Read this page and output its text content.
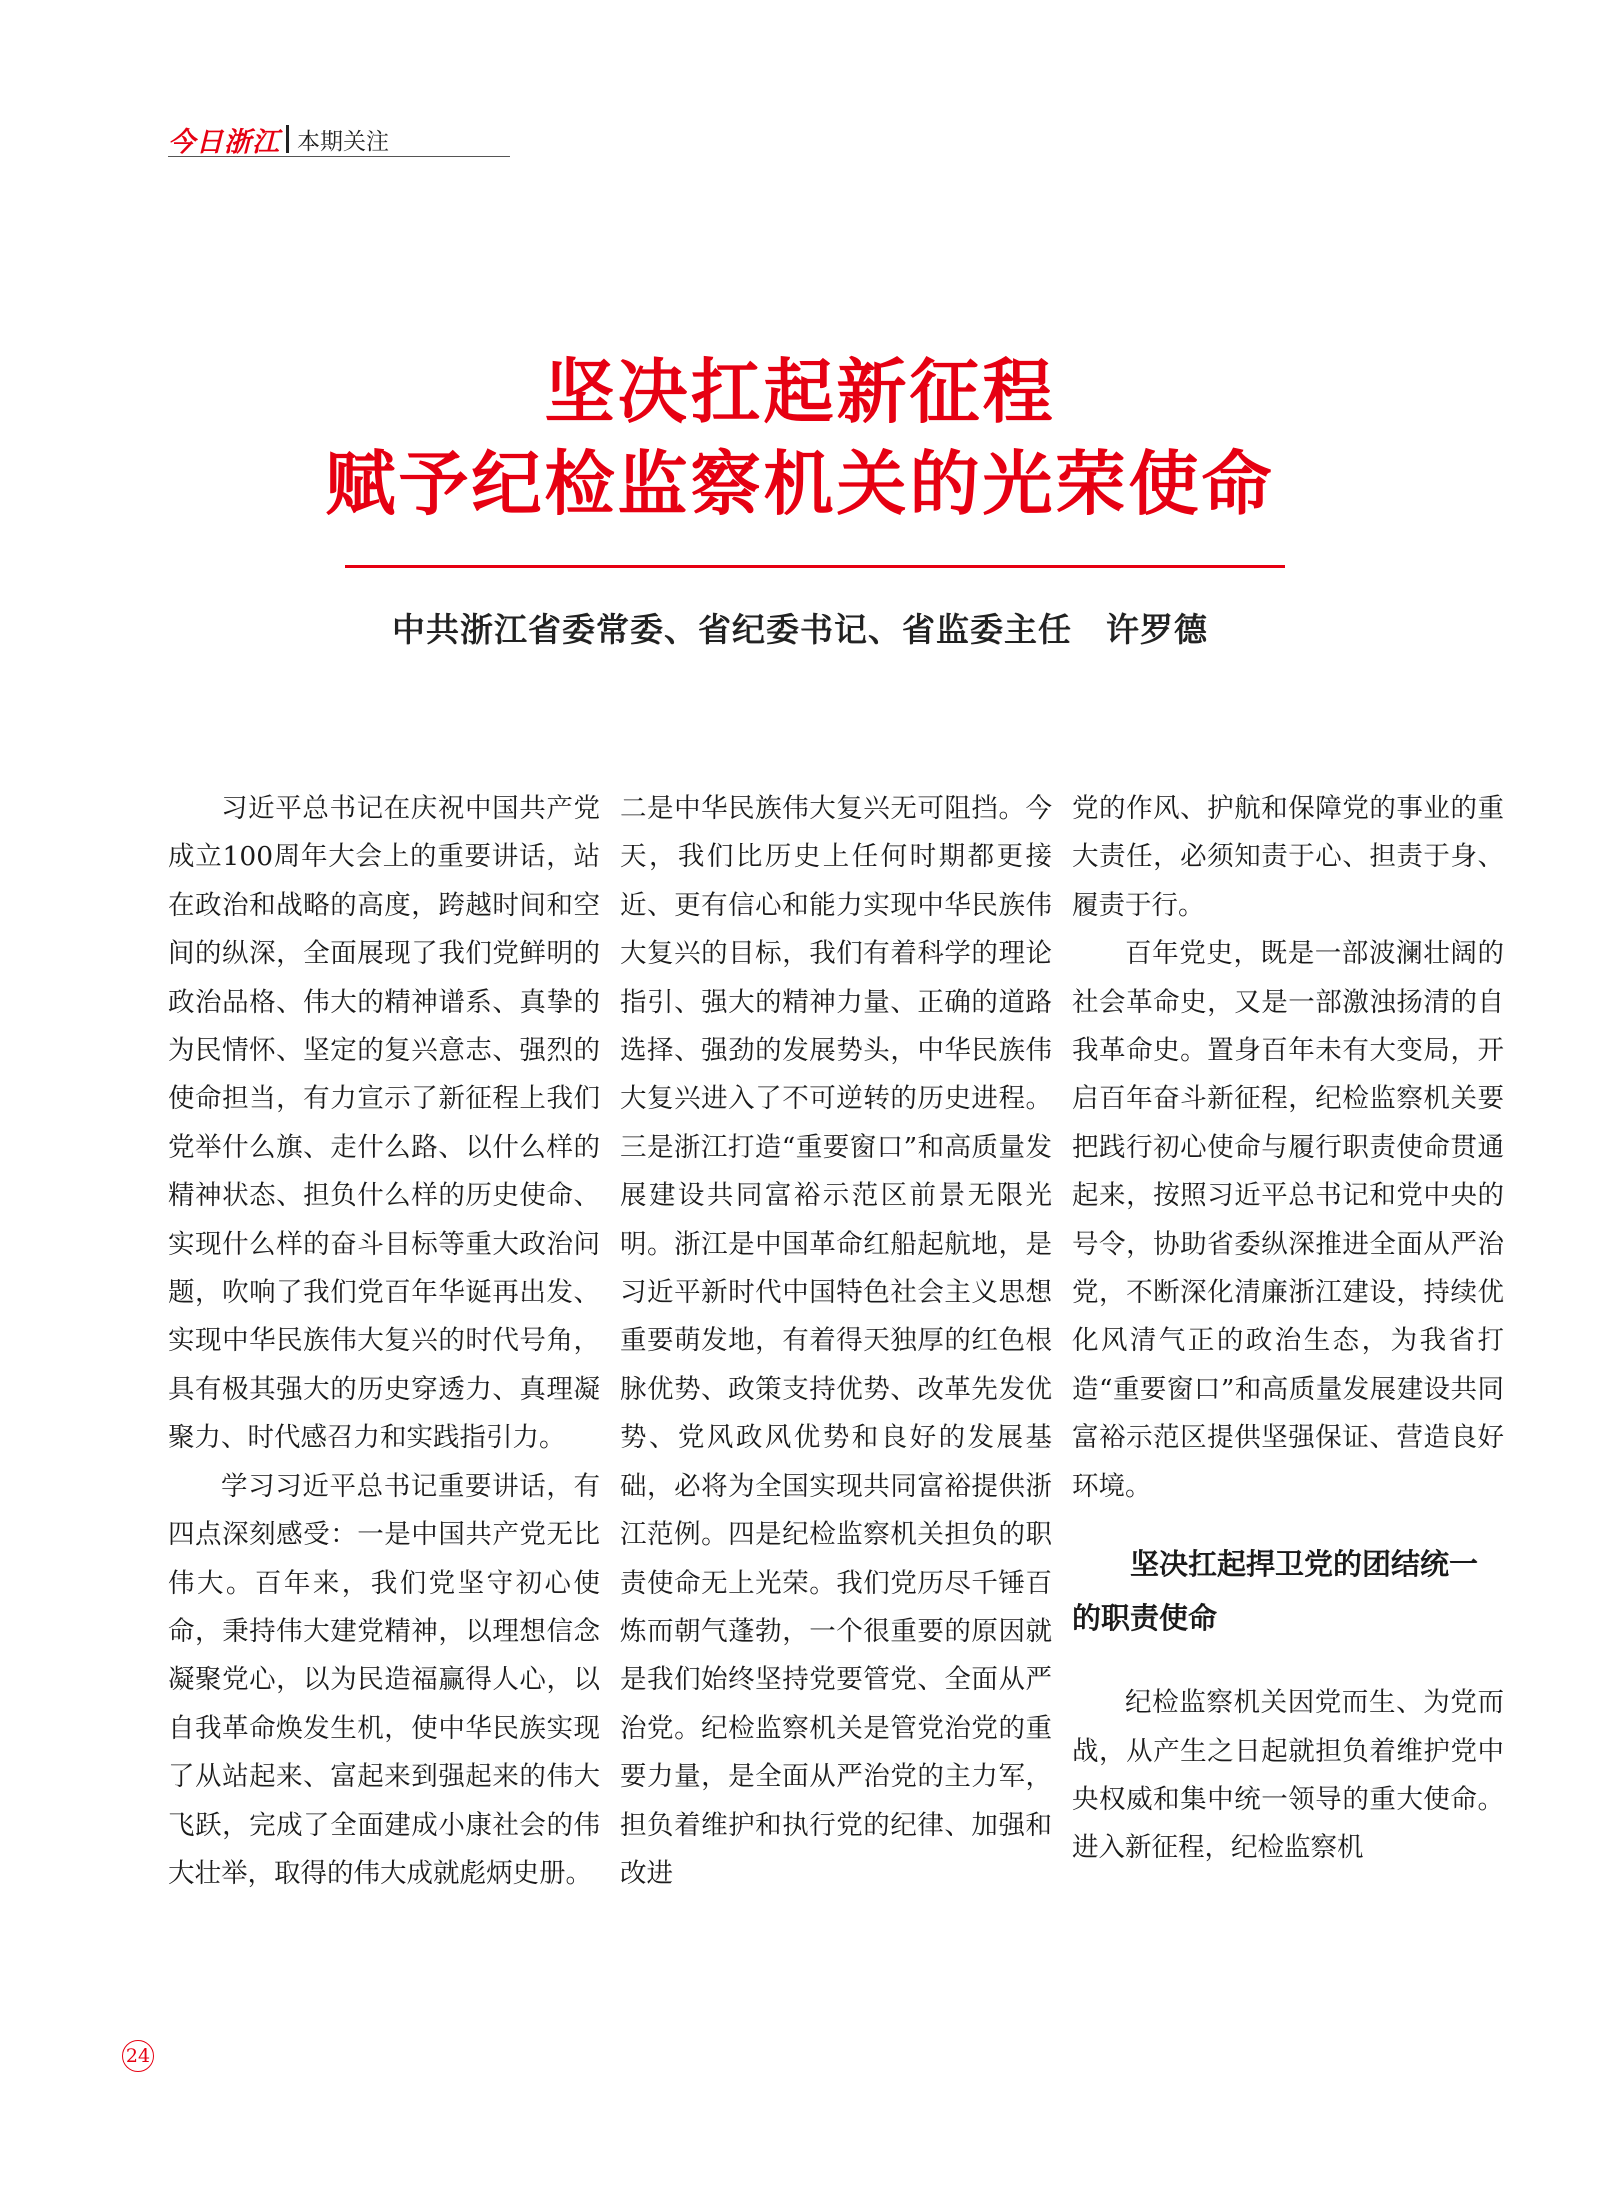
今日浙江 本期关注
坚决扛起新征程
赋予纪检监察机关的光荣使命
中共浙江省委常委、省纪委书记、省监委主任 许罗德

习近平总书记在庆祝中国共产党成立100周年大会上的重要讲话，站在政治和战略的高度，跨越时间和空间的纵深，全面展现了我们党鲜明的政治品格、伟大的精神谱系、真挚的为民情怀、坚定的复兴意志、强烈的使命担当，有力宣示了新征程上我们党举什么旗、走什么路、以什么样的精神状态、担负什么样的历史使命、实现什么样的奋斗目标等重大政治问题，吹响了我们党百年华诞再出发、实现中华民族伟大复兴的时代号角，具有极其强大的历史穿透力、真理凝聚力、时代感召力和实践指引力。

学习习近平总书记重要讲话，有四点深刻感受：一是中国共产党无比伟大。百年来，我们党坚守初心使命，秉持伟大建党精神，以理想信念凝聚党心，以为民造福赢得人心，以自我革命焕发生机，使中华民族实现了从站起来、富起来到强起来的伟大飞跃，完成了全面建成小康社会的伟大壮举，取得的伟大成就彪炳史册。

二是中华民族伟大复兴无可阻挡。今天，我们比历史上任何时期都更接近、更有信心和能力实现中华民族伟大复兴的目标，我们有着科学的理论指引、强大的精神力量、正确的道路选择、强劲的发展势头，中华民族伟大复兴进入了不可逆转的历史进程。三是浙江打造“重要窗口”和高质量发展建设共同富裕示范区前景无限光明。浙江是中国革命红船起航地，是习近平新时代中国特色社会主义思想重要萌发地，有着得天独厚的红色根脉优势、政策支持优势、改革先发优势、党风政风优势和良好的发展基础，必将为全国实现共同富裕提供浙江范例。四是纪检监察机关担负的职责使命无上光荣。我们党历尽千锤百炼而朝气蓬勃，一个很重要的原因就是我们始终坚持党要管党、全面从严治党。纪检监察机关是管党治党的重要力量，是全面从严治党的主力军，担负着维护和执行党的纪律、加强和改进

党的作风、护航和保障党的事业的重大责任，必须知责于心、担责于身、履责于行。

百年党史，既是一部波澜壮阔的社会革命史，又是一部激浊扬清的自我革命史。置身百年未有大变局，开启百年奋斗新征程，纪检监察机关要把践行初心使命与履行职责使命贯通起来，按照习近平总书记和党中央的号令，协助省委纵深推进全面从严治党，不断深化清廉浙江建设，持续优化风清气正的政治生态，为我省打造“重要窗口”和高质量发展建设共同富裕示范区提供坚强保证、营造良好环境。

坚决扛起捍卫党的团结统一的职责使命

纪检监察机关因党而生、为党而战，从产生之日起就担负着维护党中央权威和集中统一领导的重大使命。进入新征程，纪检监察机

24
